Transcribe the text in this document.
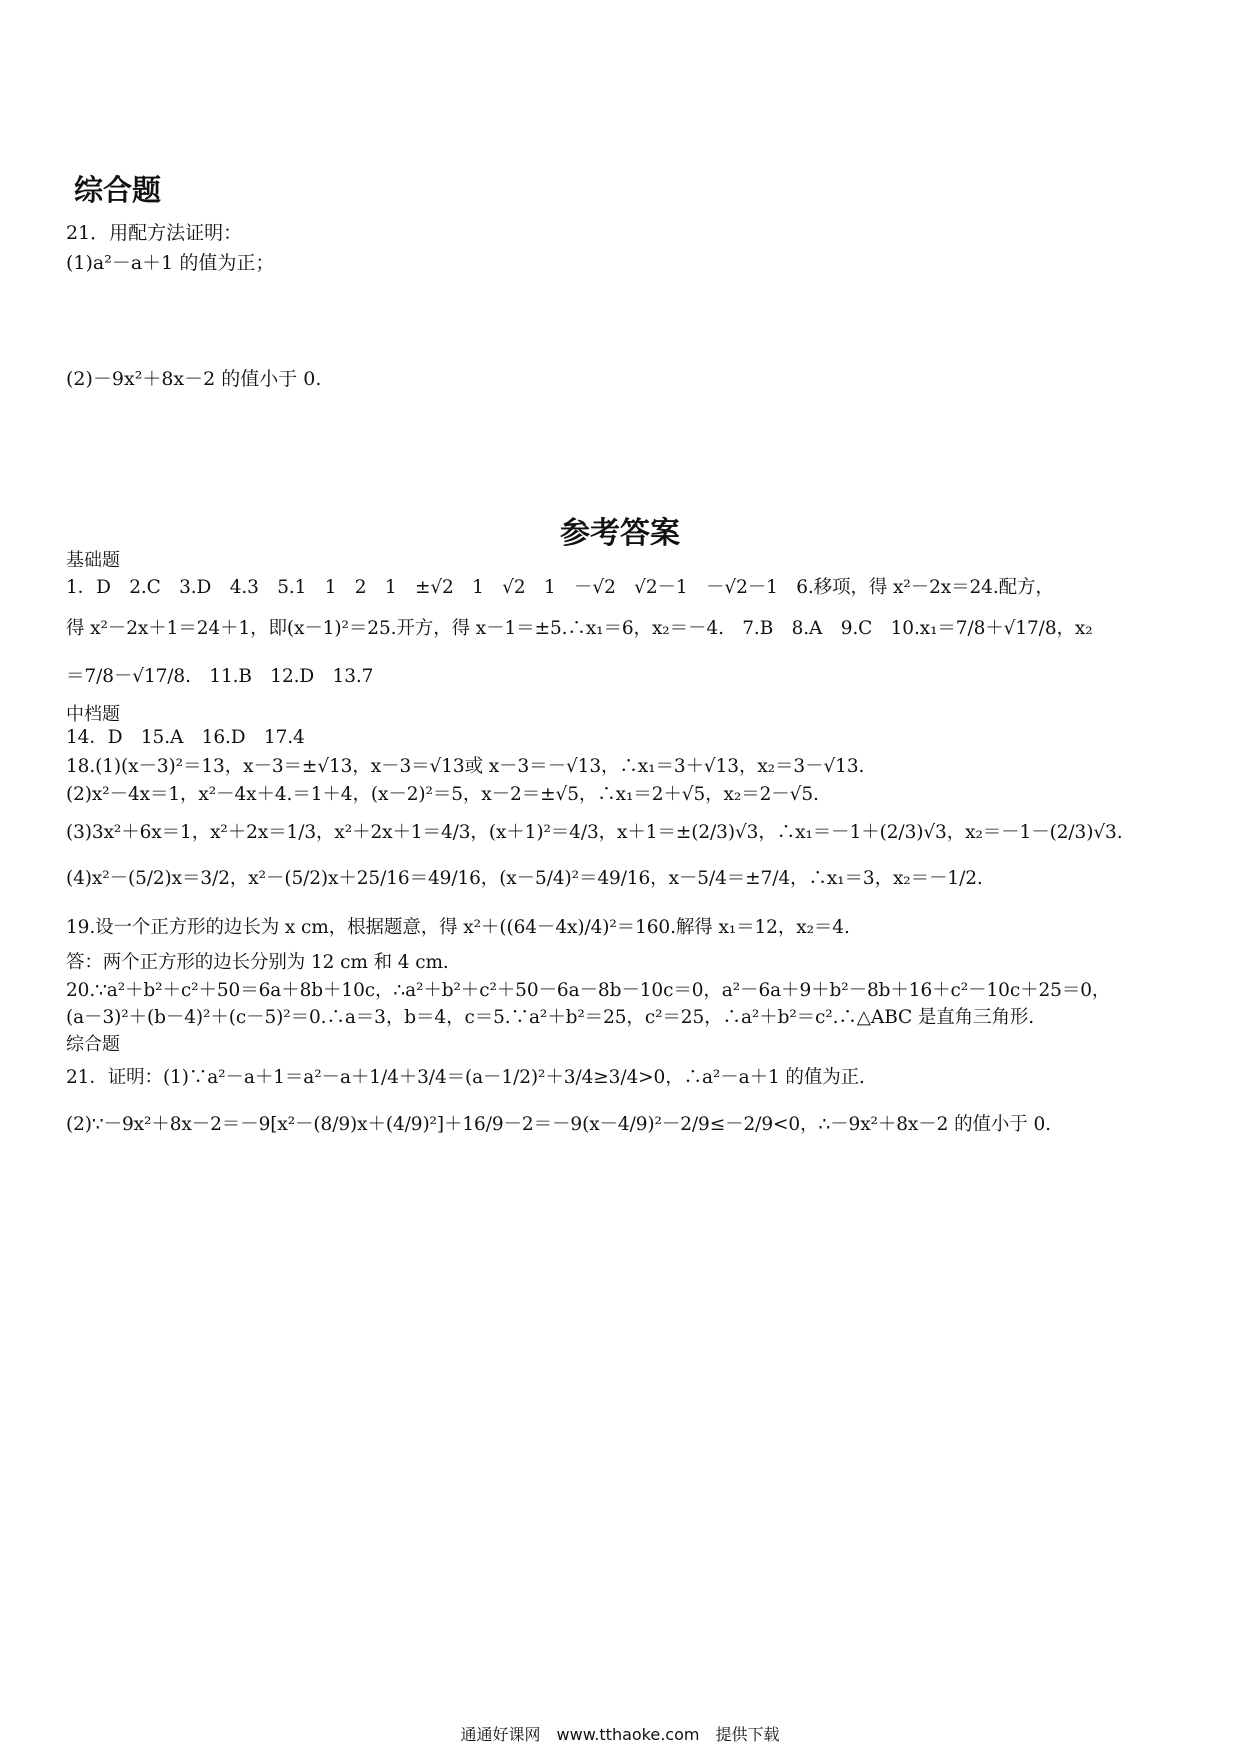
综合题
21．用配方法证明：
(1)a²－a＋1 的值为正；
(2)－9x²＋8x－2 的值小于 0.
参考答案
基础题
1．D　2.C　3.D　4.3　5.1　1　2　1　±√2　1　√2　1　－√2　√2－1　－√2－1　6.移项，得 x²－2x＝24.配方，
得 x²－2x＋1＝24＋1，即(x－1)²＝25.开方，得 x－1＝±5.∴x₁＝6，x₂＝－4.　7.B　8.A　9.C　10.x₁＝7/8＋√17/8，x₂
＝7/8－√17/8.　11.B　12.D　13.7
中档题
14．D　15.A　16.D　17.4
18.(1)(x－3)²＝13，x－3＝±√13，x－3＝√13或 x－3＝－√13，∴x₁＝3＋√13，x₂＝3－√13.
(2)x²－4x＝1，x²－4x＋4.＝1＋4，(x－2)²＝5，x－2＝±√5，∴x₁＝2＋√5，x₂＝2－√5.
(3)3x²＋6x＝1，x²＋2x＝1/3，x²＋2x＋1＝4/3，(x＋1)²＝4/3，x＋1＝±(2/3)√3，∴x₁＝－1＋(2/3)√3，x₂＝－1－(2/3)√3.
(4)x²－(5/2)x＝3/2，x²－(5/2)x＋25/16＝49/16，(x－5/4)²＝49/16，x－5/4＝±7/4，∴x₁＝3，x₂＝－1/2.
19.设一个正方形的边长为 x cm，根据题意，得 x²＋((64－4x)/4)²＝160.解得 x₁＝12，x₂＝4.
答：两个正方形的边长分别为 12 cm 和 4 cm.
20.∵a²＋b²＋c²＋50＝6a＋8b＋10c，∴a²＋b²＋c²＋50－6a－8b－10c＝0，a²－6a＋9＋b²－8b＋16＋c²－10c＋25＝0，
(a－3)²＋(b－4)²＋(c－5)²＝0.∴a＝3，b＝4，c＝5.∵a²＋b²＝25，c²＝25，∴a²＋b²＝c².∴△ABC 是直角三角形.
综合题
21．证明：(1)∵a²－a＋1＝a²－a＋1/4＋3/4＝(a－1/2)²＋3/4≥3/4>0，∴a²－a＋1 的值为正.
(2)∵－9x²＋8x－2＝－9[x²－(8/9)x＋(4/9)²]＋16/9－2＝－9(x－4/9)²－2/9≤－2/9<0，∴－9x²＋8x－2 的值小于 0.
通通好课网　www.tthaoke.com　提供下载
